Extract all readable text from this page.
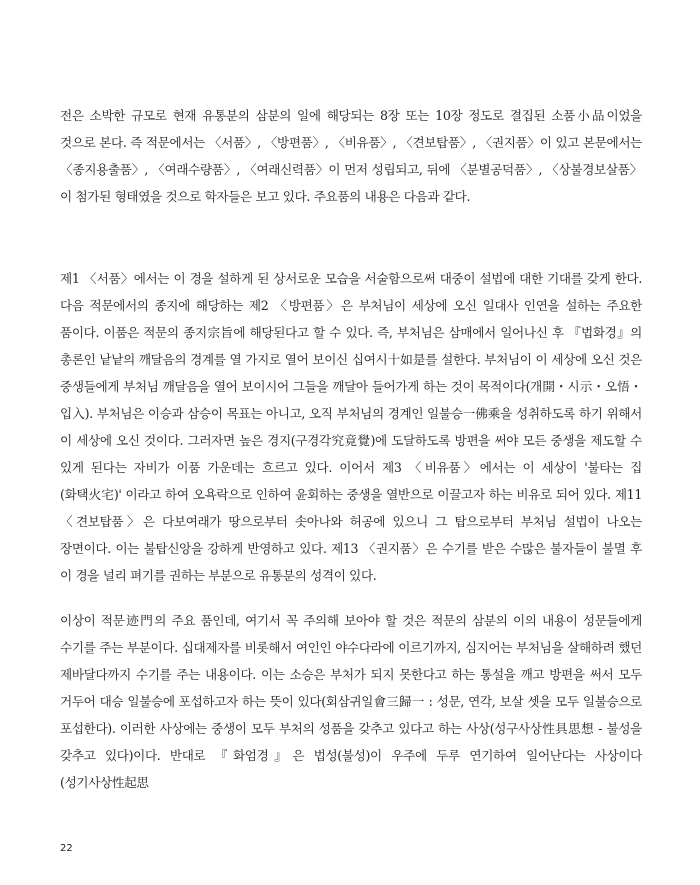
전은 소박한 규모로 현재 유통분의 삼분의 일에 해당되는 8장 또는 10장 정도로 결집된 소품小品이었을 것으로 본다. 즉 적문에서는 〈서품〉, 〈방편품〉, 〈비유품〉, 〈견보탑품〉, 〈권지품〉이 있고 본문에서는 〈종지용출품〉, 〈여래수량품〉, 〈여래신력품〉이 먼저 성립되고, 뒤에 〈분별공덕품〉, 〈상불경보살품〉이 첨가된 형태였을 것으로 학자들은 보고 있다. 주요품의 내용은 다음과 같다.

제1 〈서품〉에서는 이 경을 설하게 된 상서로운 모습을 서술함으로써 대중이 설법에 대한 기대를 갖게 한다. 다음 적문에서의 종지에 해당하는 제2 〈방편품〉은 부처님이 세상에 오신 일대사 인연을 설하는 주요한 품이다. 이품은 적문의 종지宗旨에 해당된다고 할 수 있다. 즉, 부처님은 삼매에서 일어나신 후 『법화경』의 총론인 낱낱의 깨달음의 경계를 열 가지로 열어 보이신 십여시十如是를 설한다. 부처님이 이 세상에 오신 것은 중생들에게 부처님 깨달음을 열어 보이시어 그들을 깨달아 들어가게 하는 것이 목적이다(개開・시示・오悟・입入). 부처님은 이승과 삼승이 목표는 아니고, 오직 부처님의 경계인 일불승一佛乘을 성취하도록 하기 위해서 이 세상에 오신 것이다. 그러자면 높은 경지(구경각究竟覺)에 도달하도록 방편을 써야 모든 중생을 제도할 수 있게 된다는 자비가 이품 가운데는 흐르고 있다. 이어서 제3 〈비유품〉에서는 이 세상이 '불타는 집(화택火宅)' 이라고 하여 오욕락으로 인하여 윤회하는 중생을 열반으로 이끌고자 하는 비유로 되어 있다. 제11 〈견보탑품〉은 다보여래가 땅으로부터 솟아나와 허공에 있으니 그 탑으로부터 부처님 설법이 나오는 장면이다. 이는 불탑신앙을 강하게 반영하고 있다. 제13 〈권지품〉은 수기를 받은 수많은 불자들이 불멸 후 이 경을 널리 펴기를 권하는 부분으로 유통분의 성격이 있다.

이상이 적문迹門의 주요 품인데, 여기서 꼭 주의해 보아야 할 것은 적문의 삼분의 이의 내용이 성문들에게 수기를 주는 부분이다. 십대제자를 비롯해서 여인인 야수다라에 이르기까지, 심지어는 부처님을 살해하려 했던 제바달다까지 수기를 주는 내용이다. 이는 소승은 부처가 되지 못한다고 하는 통설을 깨고 방편을 써서 모두 거두어 대승 일불승에 포섭하고자 하는 뜻이 있다(회삼귀일會三歸一 : 성문, 연각, 보살 셋을 모두 일불승으로 포섭한다). 이러한 사상에는 중생이 모두 부처의 성품을 갖추고 있다고 하는 사상(성구사상性具思想 - 불성을 갖추고 있다)이다. 반대로 『화엄경』은 법성(불성)이 우주에 두루 연기하여 일어난다는 사상이다(성기사상性起思

22
